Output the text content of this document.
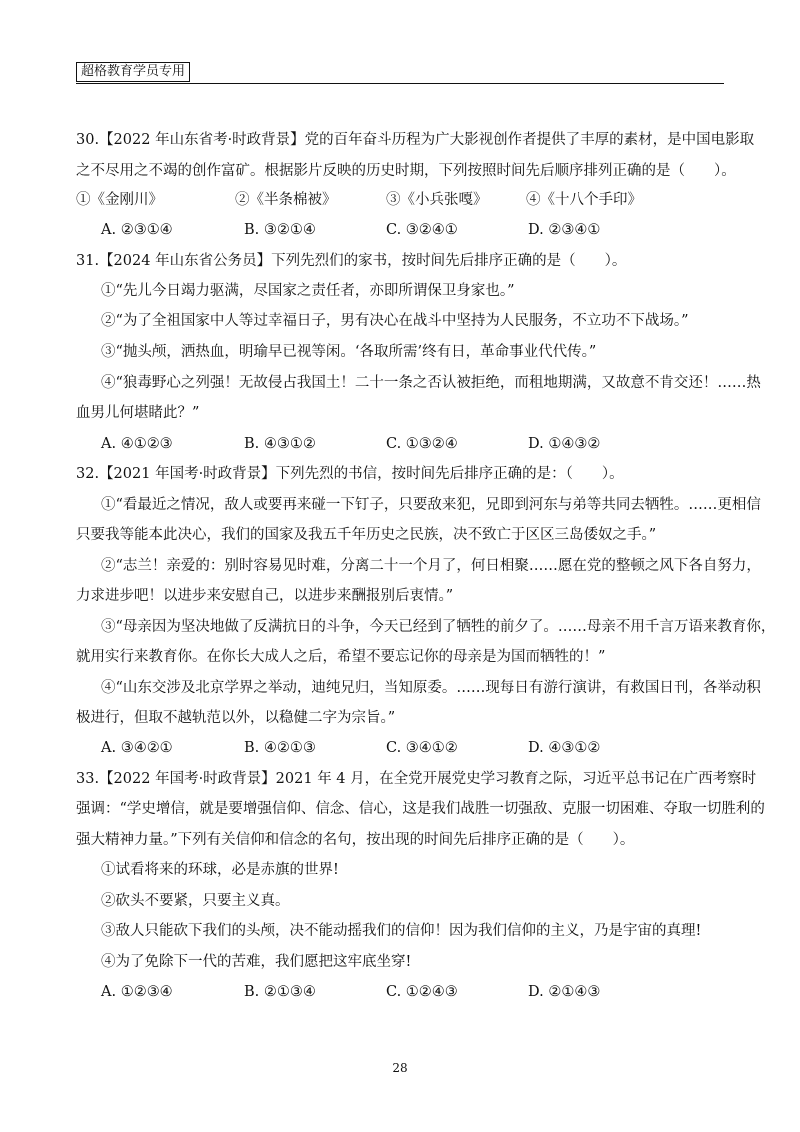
超格教育学员专用
30.【2022 年山东省考·时政背景】党的百年奋斗历程为广大影视创作者提供了丰厚的素材，是中国电影取
之不尽用之不竭的创作富矿。根据影片反映的历史时期，下列按照时间先后顺序排列正确的是（　　）。
①《金刚川》	②《半条棉被》	③《小兵张嘎》	④《十八个手印》
A. ②③①④	B. ③②①④	C. ③②④①	D. ②③④①
31.【2024 年山东省公务员】下列先烈们的家书，按时间先后排序正确的是（　　）。
①“先儿今日竭力驱满，尽国家之责任者，亦即所谓保卫身家也。”
②“为了全祖国家中人等过幸福日子，男有决心在战斗中坚持为人民服务，不立功不下战场。”
③“抛头颅，洒热血，明瑜早已视等闲。‘各取所需’终有日，革命事业代代传。”
④“狼毒野心之列强！无故侵占我国土！二十一条之否认被拒绝，而租地期满，又故意不肯交还！……热
血男儿何堪睹此？”
A. ④①②③	B. ④③①②	C. ①③②④	D. ①④③②
32.【2021 年国考·时政背景】下列先烈的书信，按时间先后排序正确的是：（　　）。
①“看最近之情况，敌人或要再来碰一下钉子，只要敌来犯，兄即到河东与弟等共同去牺牲。……更相信
只要我等能本此决心，我们的国家及我五千年历史之民族，决不致亡于区区三岛倭奴之手。”
②“志兰！亲爱的：别时容易见时难，分离二十一个月了，何日相聚……愿在党的整顿之风下各自努力，
力求进步吧！以进步来安慰自己，以进步来酬报别后衷情。”
③“母亲因为坚决地做了反满抗日的斗争，今天已经到了牺牲的前夕了。……母亲不用千言万语来教育你，
就用实行来教育你。在你长大成人之后，希望不要忘记你的母亲是为国而牺牲的！”
④“山东交涉及北京学界之举动，迪纯兄归，当知原委。……现每日有游行演讲，有救国日刊，各举动积
极进行，但取不越轨范以外，以稳健二字为宗旨。”
A. ③④②①	B. ④②①③	C. ③④①②	D. ④③①②
33.【2022 年国考·时政背景】2021 年 4 月，在全党开展党史学习教育之际，习近平总书记在广西考察时
强调：“学史增信，就是要增强信仰、信念、信心，这是我们战胜一切强敌、克服一切困难、夺取一切胜利的
强大精神力量。”下列有关信仰和信念的名句，按出现的时间先后排序正确的是（　　）。
①试看将来的环球，必是赤旗的世界!
②砍头不要紧，只要主义真。
③敌人只能砍下我们的头颅，决不能动摇我们的信仰！因为我们信仰的主义，乃是宇宙的真理!
④为了免除下一代的苦难，我们愿把这牢底坐穿!
A. ①②③④	B. ②①③④	C. ①②④③	D. ②①④③
28
